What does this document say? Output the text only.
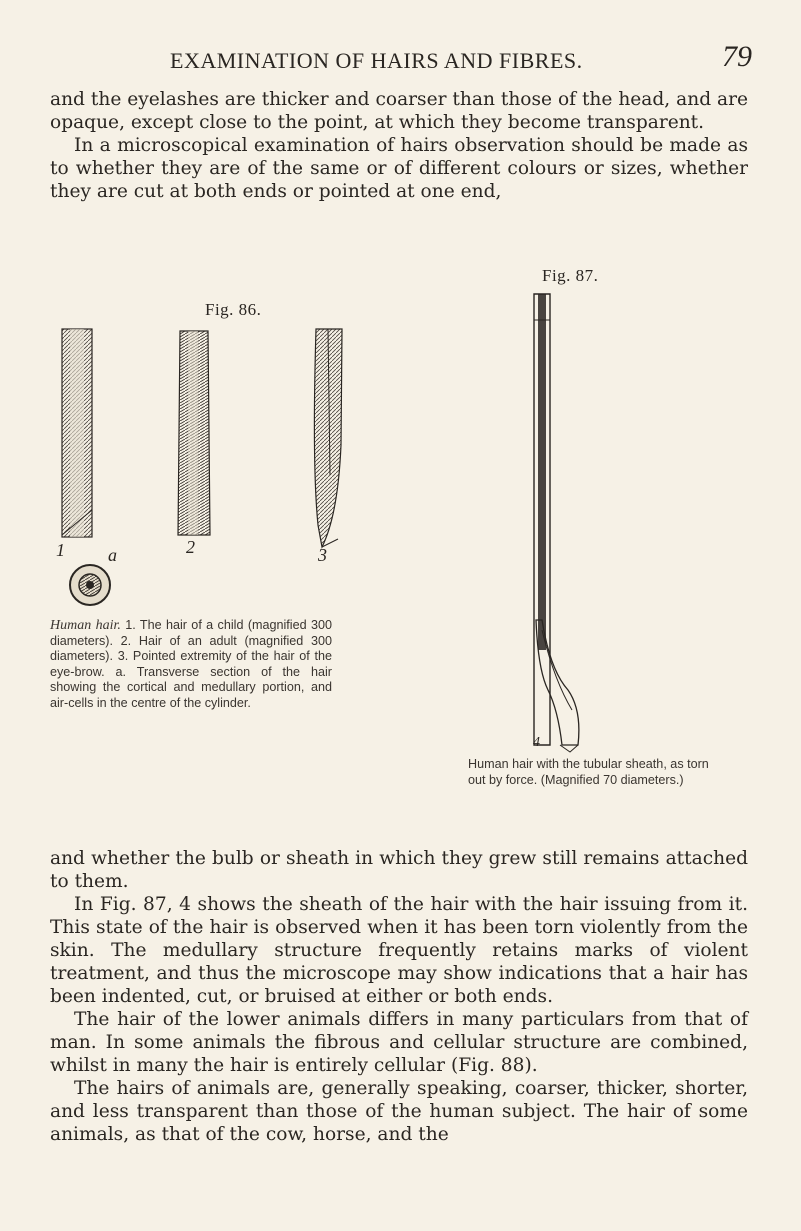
EXAMINATION OF HAIRS AND FIBRES.	79

and the eyelashes are thicker and coarser than those of the head, and are opaque, except close to the point, at which they become transparent.

In a microscopical examination of hairs observation should be made as to whether they are of the same or of different colours or sizes, whether they are cut at both ends or pointed at one end,

Fig. 86.
1 a	2	3
Human hair. 1. The hair of a child (magnified 300 diameters). 2. Hair of an adult (magnified 300 diameters). 3. Pointed extremity of the hair of the eye-brow. a. Transverse section of the hair showing the cortical and medullary portion, and air-cells in the centre of the cylinder.
Fig. 87.
4
Human hair with the tubular sheath, as torn out by force. (Magnified 70 diameters.)

and whether the bulb or sheath in which they grew still remains attached to them.

In Fig. 87, 4 shows the sheath of the hair with the hair issuing from it. This state of the hair is observed when it has been torn violently from the skin. The medullary structure frequently retains marks of violent treatment, and thus the microscope may show indications that a hair has been indented, cut, or bruised at either or both ends.

The hair of the lower animals differs in many particulars from that of man. In some animals the fibrous and cellular structure are combined, whilst in many the hair is entirely cellular (Fig. 88).

The hairs of animals are, generally speaking, coarser, thicker, shorter, and less transparent than those of the human subject. The hair of some animals, as that of the cow, horse, and the
